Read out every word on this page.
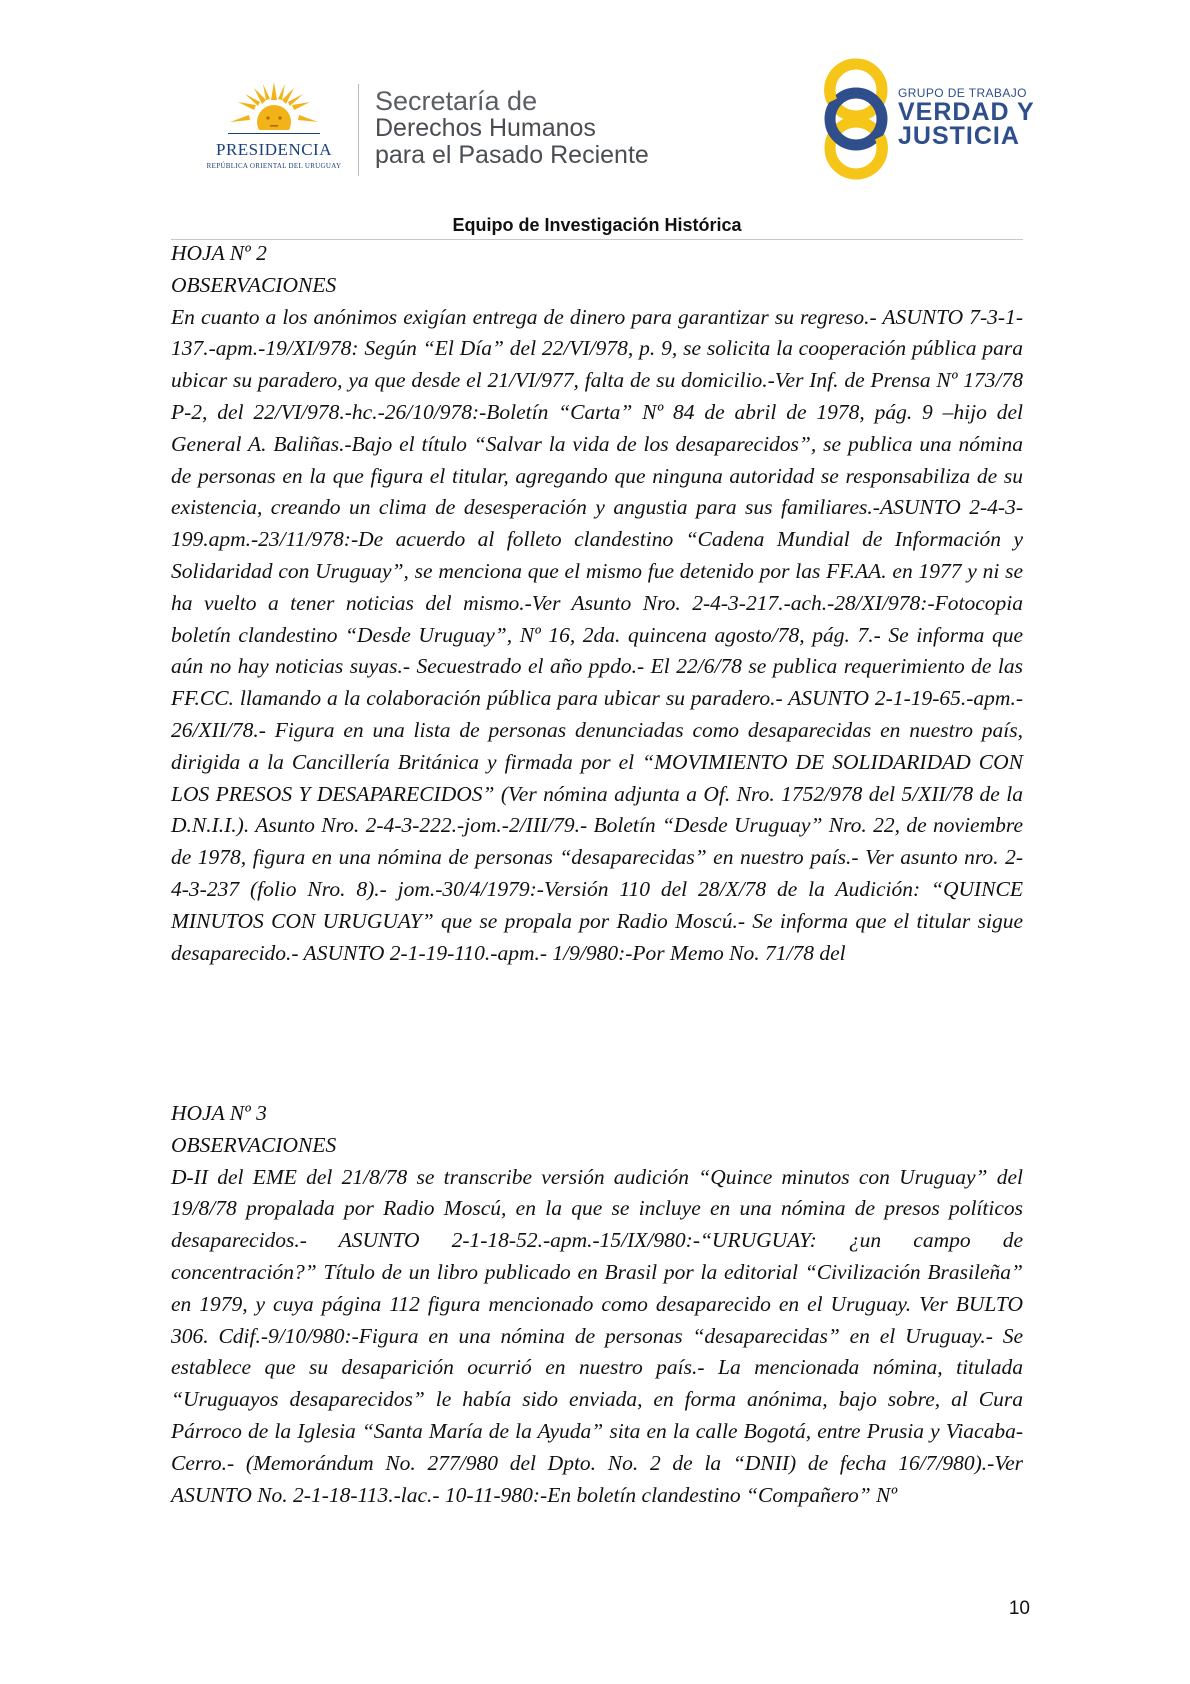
PRESIDENCIA
REPÚBLICA ORIENTAL DEL URUGUAY
Secretaría de
Derechos Humanos
para el Pasado Reciente
GRUPO DE TRABAJO
VERDAD Y
JUSTICIA
Equipo de Investigación Histórica
HOJA Nº 2
OBSERVACIONES

En cuanto a los anónimos exigían entrega de dinero para garantizar su regreso.- ASUNTO 7-3-1-137.-apm.-19/XI/978: Según “El Día” del 22/VI/978, p. 9, se solicita la cooperación pública para ubicar su paradero, ya que desde el 21/VI/977, falta de su domicilio.-Ver Inf. de Prensa Nº 173/78 P-2, del 22/VI/978.-hc.-26/10/978:-Boletín “Carta” Nº 84 de abril de 1978, pág. 9 –hijo del General A. Baliñas.-Bajo el título “Salvar la vida de los desaparecidos”, se publica una nómina de personas en la que figura el titular, agregando que ninguna autoridad se responsabiliza de su existencia, creando un clima de desesperación y angustia para sus familiares.-ASUNTO 2-4-3-199.apm.-23/11/978:-De acuerdo al folleto clandestino “Cadena Mundial de Información y Solidaridad con Uruguay”, se menciona que el mismo fue detenido por las FF.AA. en 1977 y ni se ha vuelto a tener noticias del mismo.-Ver Asunto Nro. 2-4-3-217.-ach.-28/XI/978:-Fotocopia boletín clandestino “Desde Uruguay”, Nº 16, 2da. quincena agosto/78, pág. 7.- Se informa que aún no hay noticias suyas.- Secuestrado el año ppdo.- El 22/6/78 se publica requerimiento de las FF.CC. llamando a la colaboración pública para ubicar su paradero.- ASUNTO 2-1-19-65.-apm.- 26/XII/78.- Figura en una lista de personas denunciadas como desaparecidas en nuestro país, dirigida a la Cancillería Británica y firmada por el “MOVIMIENTO DE SOLIDARIDAD CON LOS PRESOS Y DESAPARECIDOS” (Ver nómina adjunta a Of. Nro. 1752/978 del 5/XII/78 de la D.N.I.I.). Asunto Nro. 2-4-3-222.-jom.-2/III/79.- Boletín “Desde Uruguay” Nro. 22, de noviembre de 1978, figura en una nómina de personas “desaparecidas” en nuestro país.- Ver asunto nro. 2-4-3-237 (folio Nro. 8).- jom.-30/4/1979:-Versión 110 del 28/X/78 de la Audición: “QUINCE MINUTOS CON URUGUAY” que se propala por Radio Moscú.- Se informa que el titular sigue desaparecido.- ASUNTO 2-1-19-110.-apm.- 1/9/980:-Por Memo No. 71/78 del

HOJA Nº 3
OBSERVACIONES

D-II del EME del 21/8/78 se transcribe versión audición “Quince minutos con Uruguay” del 19/8/78 propalada por Radio Moscú, en la que se incluye en una nómina de presos políticos desaparecidos.- ASUNTO 2-1-18-52.-apm.-15/IX/980:-“URUGUAY: ¿un campo de concentración?” Título de un libro publicado en Brasil por la editorial “Civilización Brasileña” en 1979, y cuya página 112 figura mencionado como desaparecido en el Uruguay. Ver BULTO 306. Cdif.-9/10/980:-Figura en una nómina de personas “desaparecidas” en el Uruguay.- Se establece que su desaparición ocurrió en nuestro país.- La mencionada nómina, titulada “Uruguayos desaparecidos” le había sido enviada, en forma anónima, bajo sobre, al Cura Párroco de la Iglesia “Santa María de la Ayuda” sita en la calle Bogotá, entre Prusia y Viacaba-Cerro.- (Memorándum No. 277/980 del Dpto. No. 2 de la “DNII) de fecha 16/7/980).-Ver ASUNTO No. 2-1-18-113.-lac.- 10-11-980:-En boletín clandestino “Compañero” Nº

10
